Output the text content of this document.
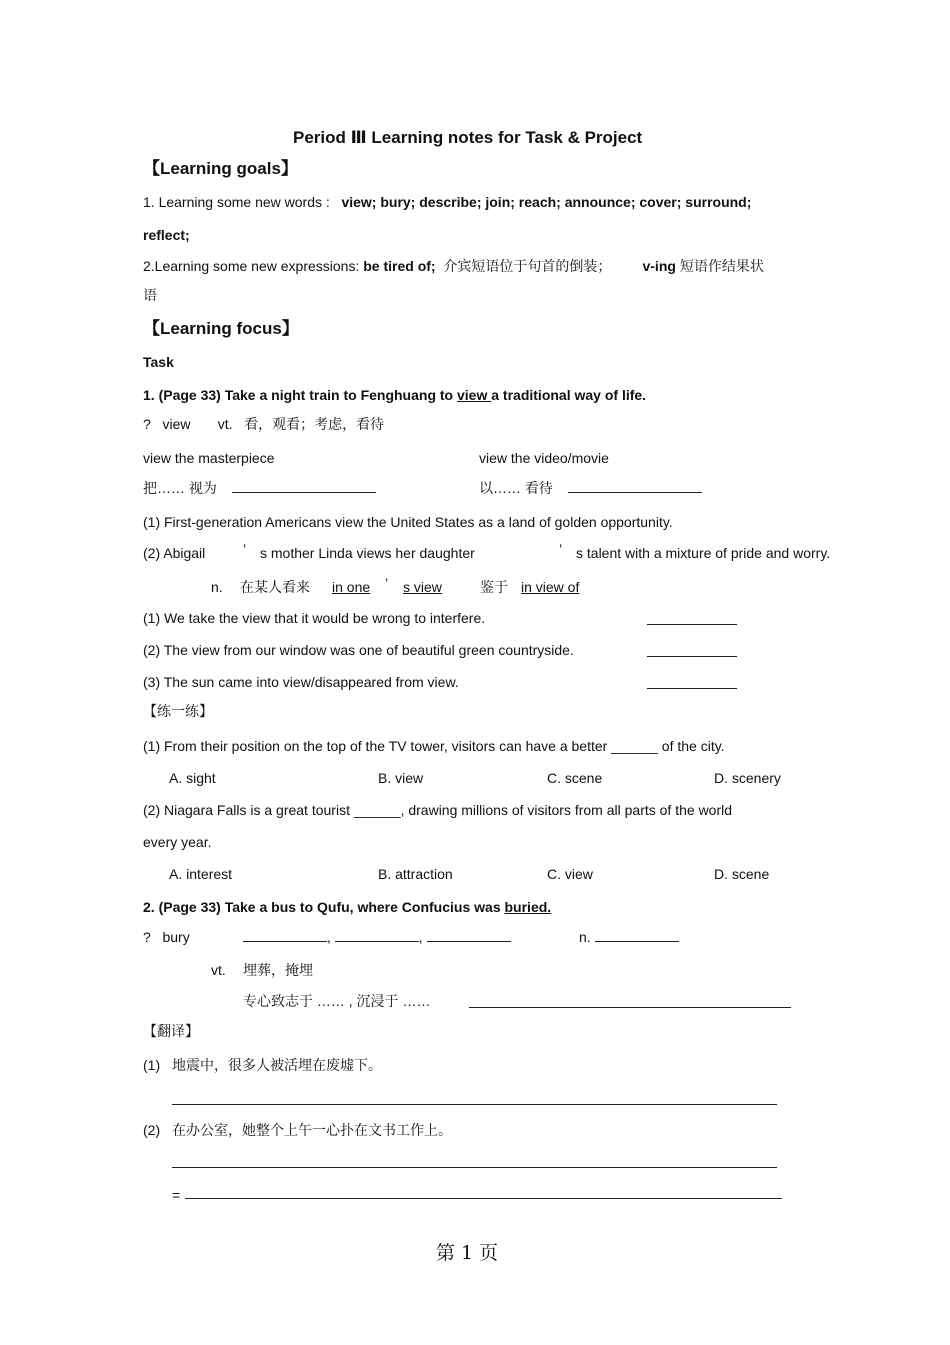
Period Ⅲ Learning notes for Task & Project
【Learning goals】
1. Learning some new words : view; bury; describe; join; reach; announce; cover; surround;
reflect;
2.Learning some new expressions: be tired of; 介宾短语位于句首的倒装； v-ing 短语作结果状
语
【Learning focus】
Task
1. (Page 33) Take a night train to Fenghuang to view a traditional way of life.
? view vt. 看，观看；考虑，看待
view the masterpiece	view the video/movie
把…… 视为	以…… 看待
(1) First-generation Americans view the United States as a land of golden opportunity.
(2) Abigail	’ s mother Linda views her daughter	’ s talent with a mixture of pride and worry.
n. 在某人看来 in one ’ s view	鉴于 in view of
(1) We take the view that it would be wrong to interfere.
(2) The view from our window was one of beautiful green countryside.
(3) The sun came into view/disappeared from view.
【练一练】
(1) From their position on the top of the TV tower, visitors can have a better ______ of the city.
A. sight	B. view	C. scene	D. scenery
(2) Niagara Falls is a great tourist ______, drawing millions of visitors from all parts of the world
every year.
A. interest	B. attraction	C. view	D. scene
2. (Page 33) Take a bus to Qufu, where Confucius was buried.
? bury	,	,	n.
vt. 埋葬，掩埋
专心致志于 …… , 沉浸于 ……
【翻译】
(1) 地震中，很多人被活埋在废墟下。
(2) 在办公室，她整个上午一心扑在文书工作上。
=
第 1 页
